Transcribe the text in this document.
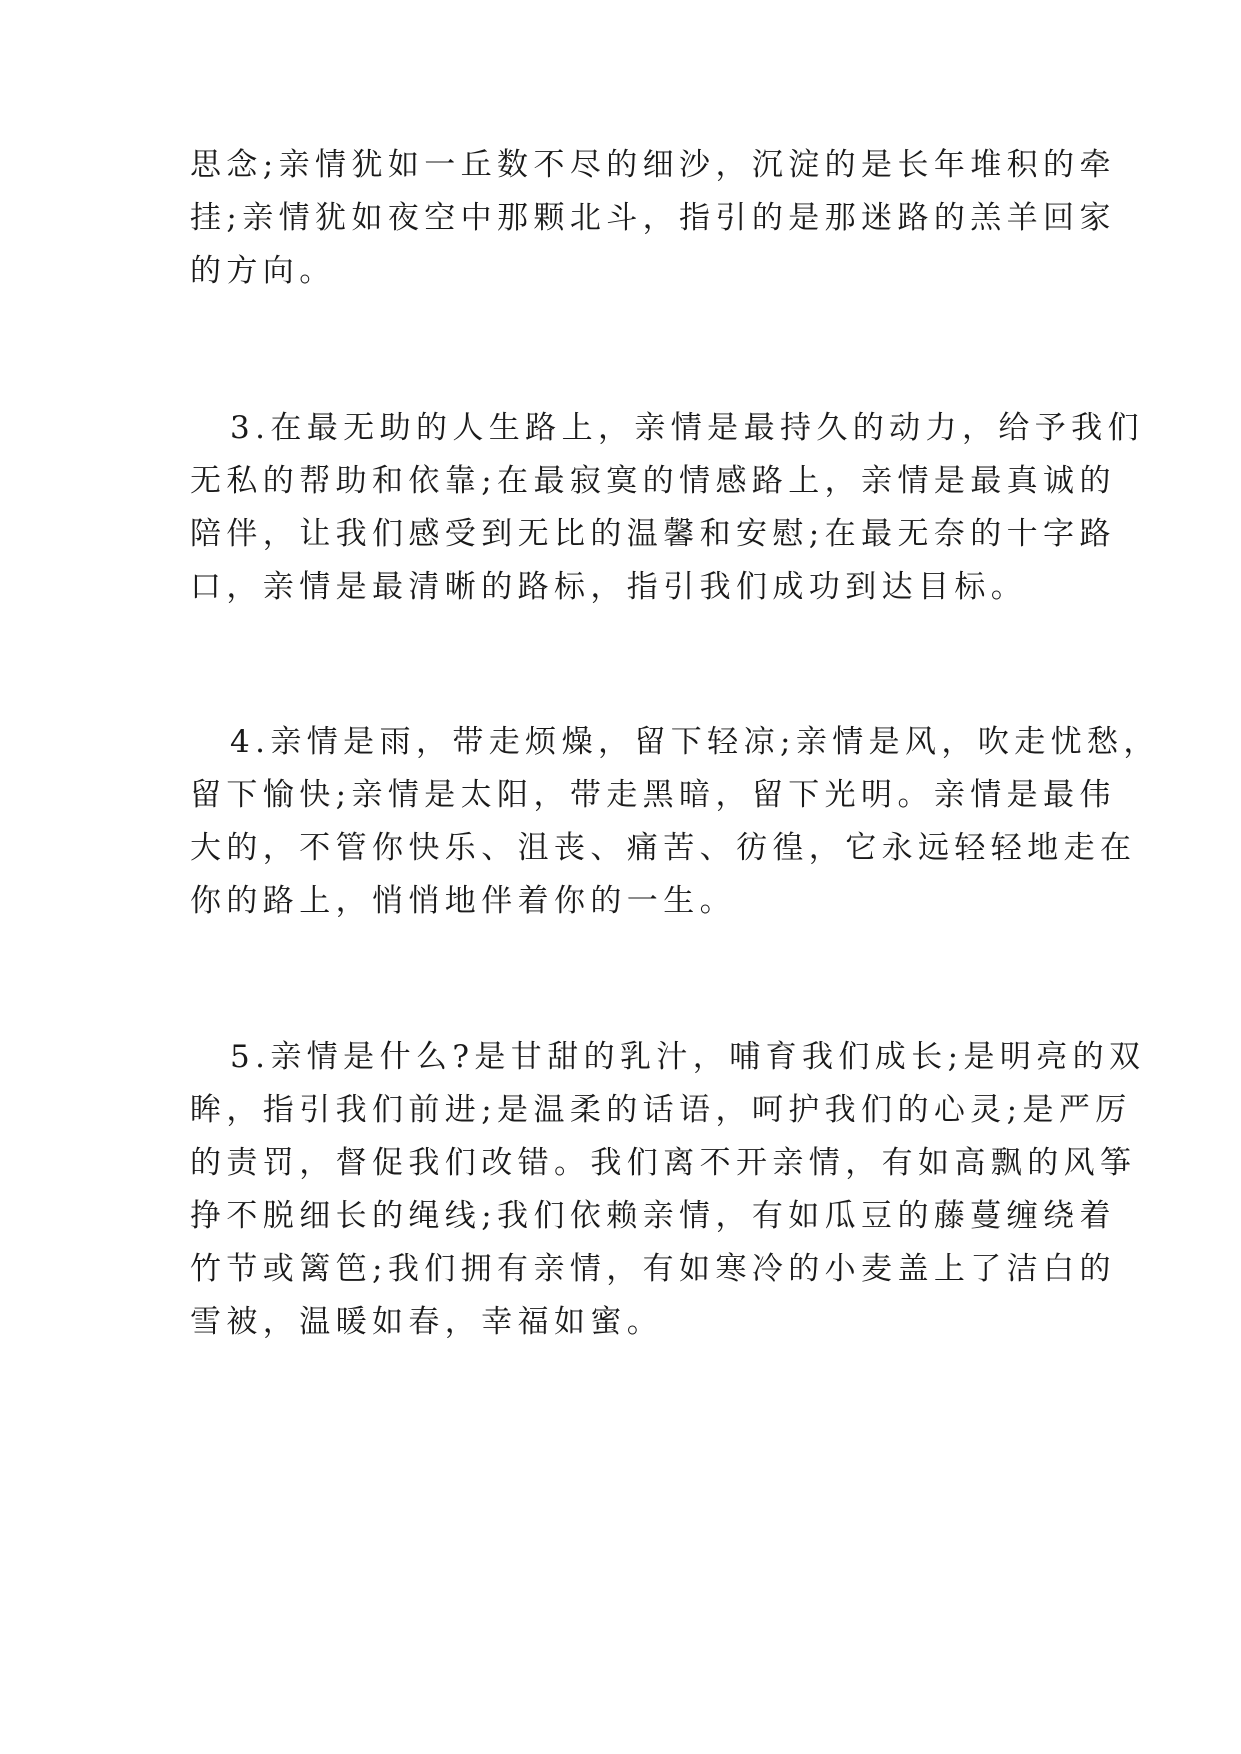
思念;亲情犹如一丘数不尽的细沙，沉淀的是长年堆积的牵
挂;亲情犹如夜空中那颗北斗，指引的是那迷路的羔羊回家
的方向。
3.在最无助的人生路上，亲情是最持久的动力，给予我们
无私的帮助和依靠;在最寂寞的情感路上，亲情是最真诚的
陪伴，让我们感受到无比的温馨和安慰;在最无奈的十字路
口，亲情是最清晰的路标，指引我们成功到达目标。
4.亲情是雨，带走烦燥，留下轻凉;亲情是风，吹走忧愁，
留下愉快;亲情是太阳，带走黑暗，留下光明。亲情是最伟
大的，不管你快乐、沮丧、痛苦、彷徨，它永远轻轻地走在
你的路上，悄悄地伴着你的一生。
5.亲情是什么?是甘甜的乳汁，哺育我们成长;是明亮的双
眸，指引我们前进;是温柔的话语，呵护我们的心灵;是严厉
的责罚，督促我们改错。我们离不开亲情，有如高飘的风筝
挣不脱细长的绳线;我们依赖亲情，有如瓜豆的藤蔓缠绕着
竹节或篱笆;我们拥有亲情，有如寒冷的小麦盖上了洁白的
雪被，温暖如春，幸福如蜜。
